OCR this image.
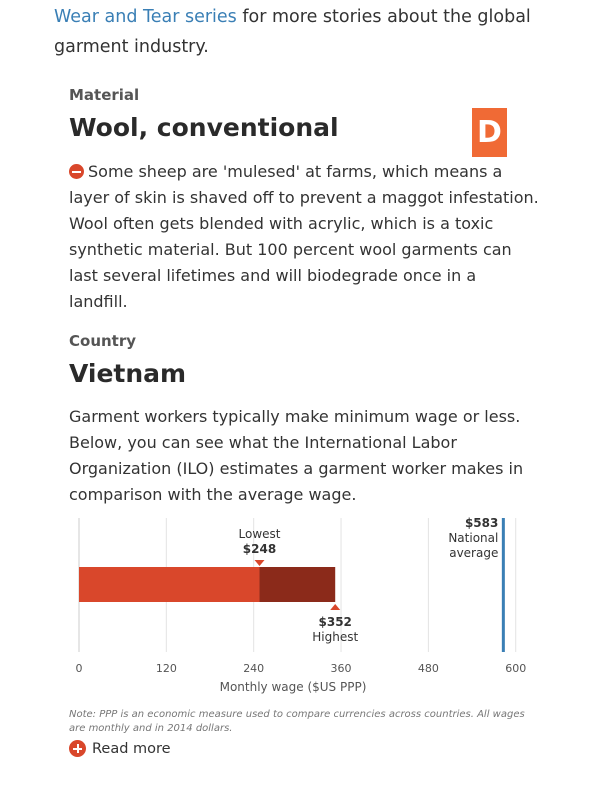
Wear and Tear series for more stories about the global garment industry.
Material
Wool, conventional	D
Some sheep are 'mulesed' at farms, which means a layer of skin is shaved off to prevent a maggot infestation. Wool often gets blended with acrylic, which is a toxic synthetic material. But 100 percent wool garments can last several lifetimes and will biodegrade once in a landfill.
Country
Vietnam
Garment workers typically make minimum wage or less. Below, you can see what the International Labor Organization (ILO) estimates a garment worker makes in comparison with the average wage.
Lowest
$248
$352
Highest
$583
National
average
0	120	240	360	480	600
Monthly wage ($US PPP)
Note: PPP is an economic measure used to compare currencies across countries. All wages are monthly and in 2014 dollars.
Read more
